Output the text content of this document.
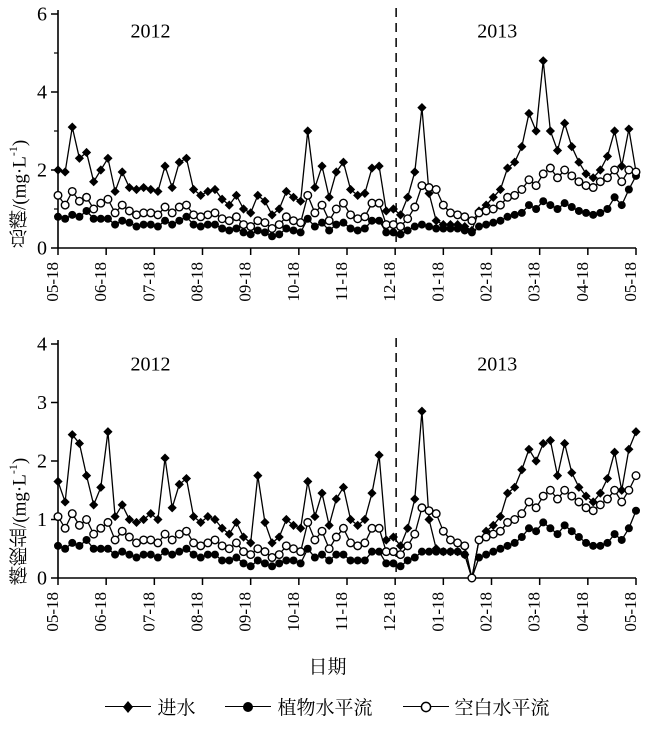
总磷$/(mg\cdot L^{-1})$
0
2
4
6
05-18 06-18 07-18 08-18 09-18 10-18 11-18 12-18 01-18 02-18 03-18 04-18 05-18
2012	2013
磷酸盐$/(mg\cdot L^{-1})$
0
1
2
3
4
05-18 06-18 07-18 08-18 09-18 10-18 11-18 12-18 01-18 02-18 03-18 04-18 05-18
2012	2013
日期
进水	植物水平流	空白水平流
